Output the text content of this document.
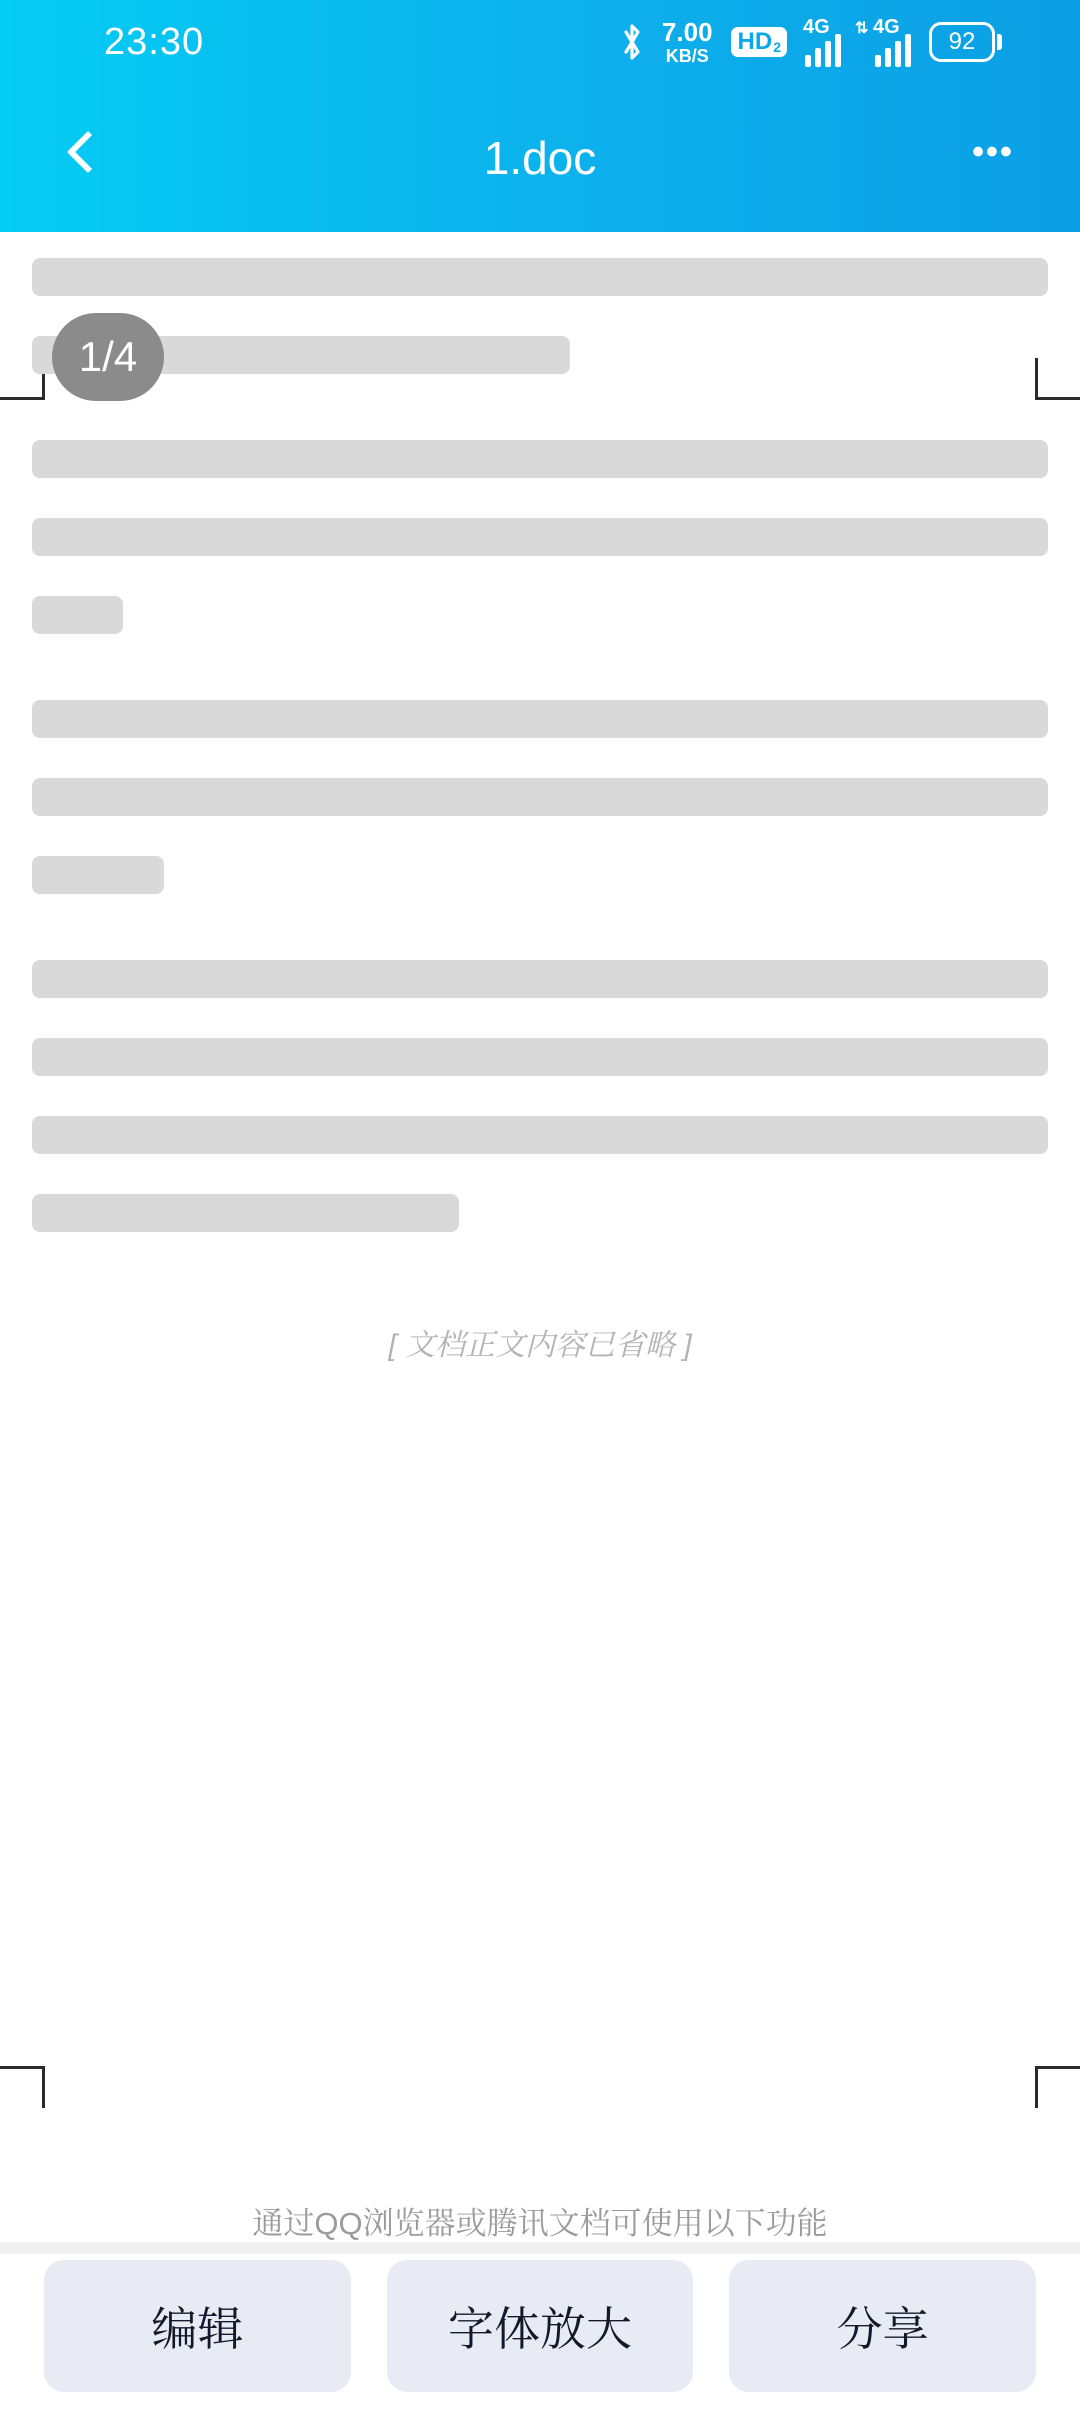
23:30	7.00
KB/S
HD 2
4G ⇅ 4G
92
1.doc	•••
1/4
[ 文档正文内容已省略 ]
通过QQ浏览器或腾讯文档可使用以下功能
编辑	字体放大	分享
